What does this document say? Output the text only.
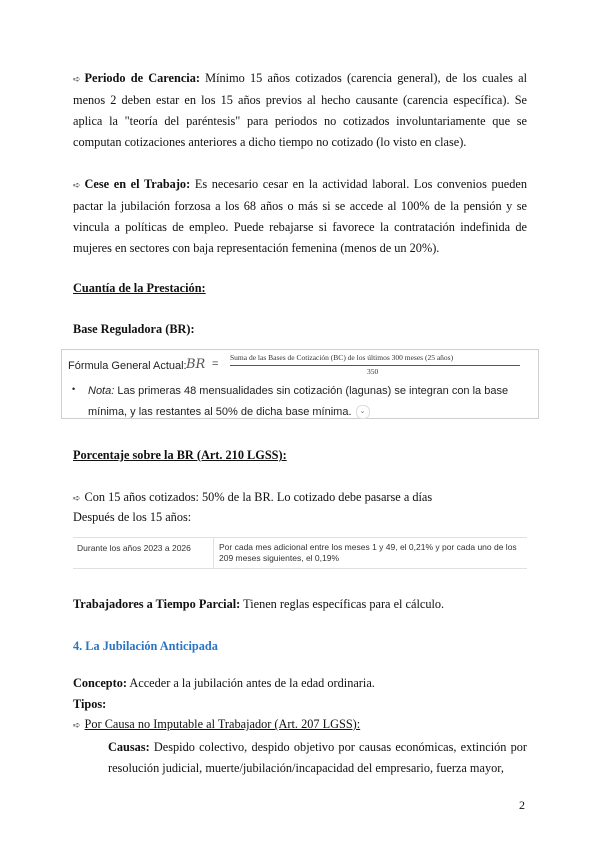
➪ Periodo de Carencia: Mínimo 15 años cotizados (carencia general), de los cuales al menos 2 deben estar en los 15 años previos al hecho causante (carencia específica). Se aplica la "teoría del paréntesis" para periodos no cotizados involuntariamente que se computan cotizaciones anteriores a dicho tiempo no cotizado (lo visto en clase).

➪ Cese en el Trabajo: Es necesario cesar en la actividad laboral. Los convenios pueden pactar la jubilación forzosa a los 68 años o más si se accede al 100% de la pensión y se vincula a políticas de empleo. Puede rebajarse si favorece la contratación indefinida de mujeres en sectores con baja representación femenina (menos de un 20%).

Cuantía de la Prestación:

Base Reguladora (BR):

Fórmula General Actual: BR =
Suma de las Bases de Cotización (BC) de los últimos 300 meses (25 años)
350
• Nota: Las primeras 48 mensualidades sin cotización (lagunas) se integran con la base mínima, y las restantes al 50% de dicha base mínima. ⌄

Porcentaje sobre la BR (Art. 210 LGSS):

➪ Con 15 años cotizados: 50% de la BR. Lo cotizado debe pasarse a días

Después de los 15 años:

Durante los años 2023 a 2026	Por cada mes adicional entre los meses 1 y 49, el 0,21% y por cada uno de los 209 meses siguientes, el 0,19%

Trabajadores a Tiempo Parcial: Tienen reglas específicas para el cálculo.

4. La Jubilación Anticipada

Concepto: Acceder a la jubilación antes de la edad ordinaria.

Tipos:

➪ Por Causa no Imputable al Trabajador (Art. 207 LGSS):

Causas: Despido colectivo, despido objetivo por causas económicas, extinción por resolución judicial, muerte/jubilación/incapacidad del empresario, fuerza mayor,

2
